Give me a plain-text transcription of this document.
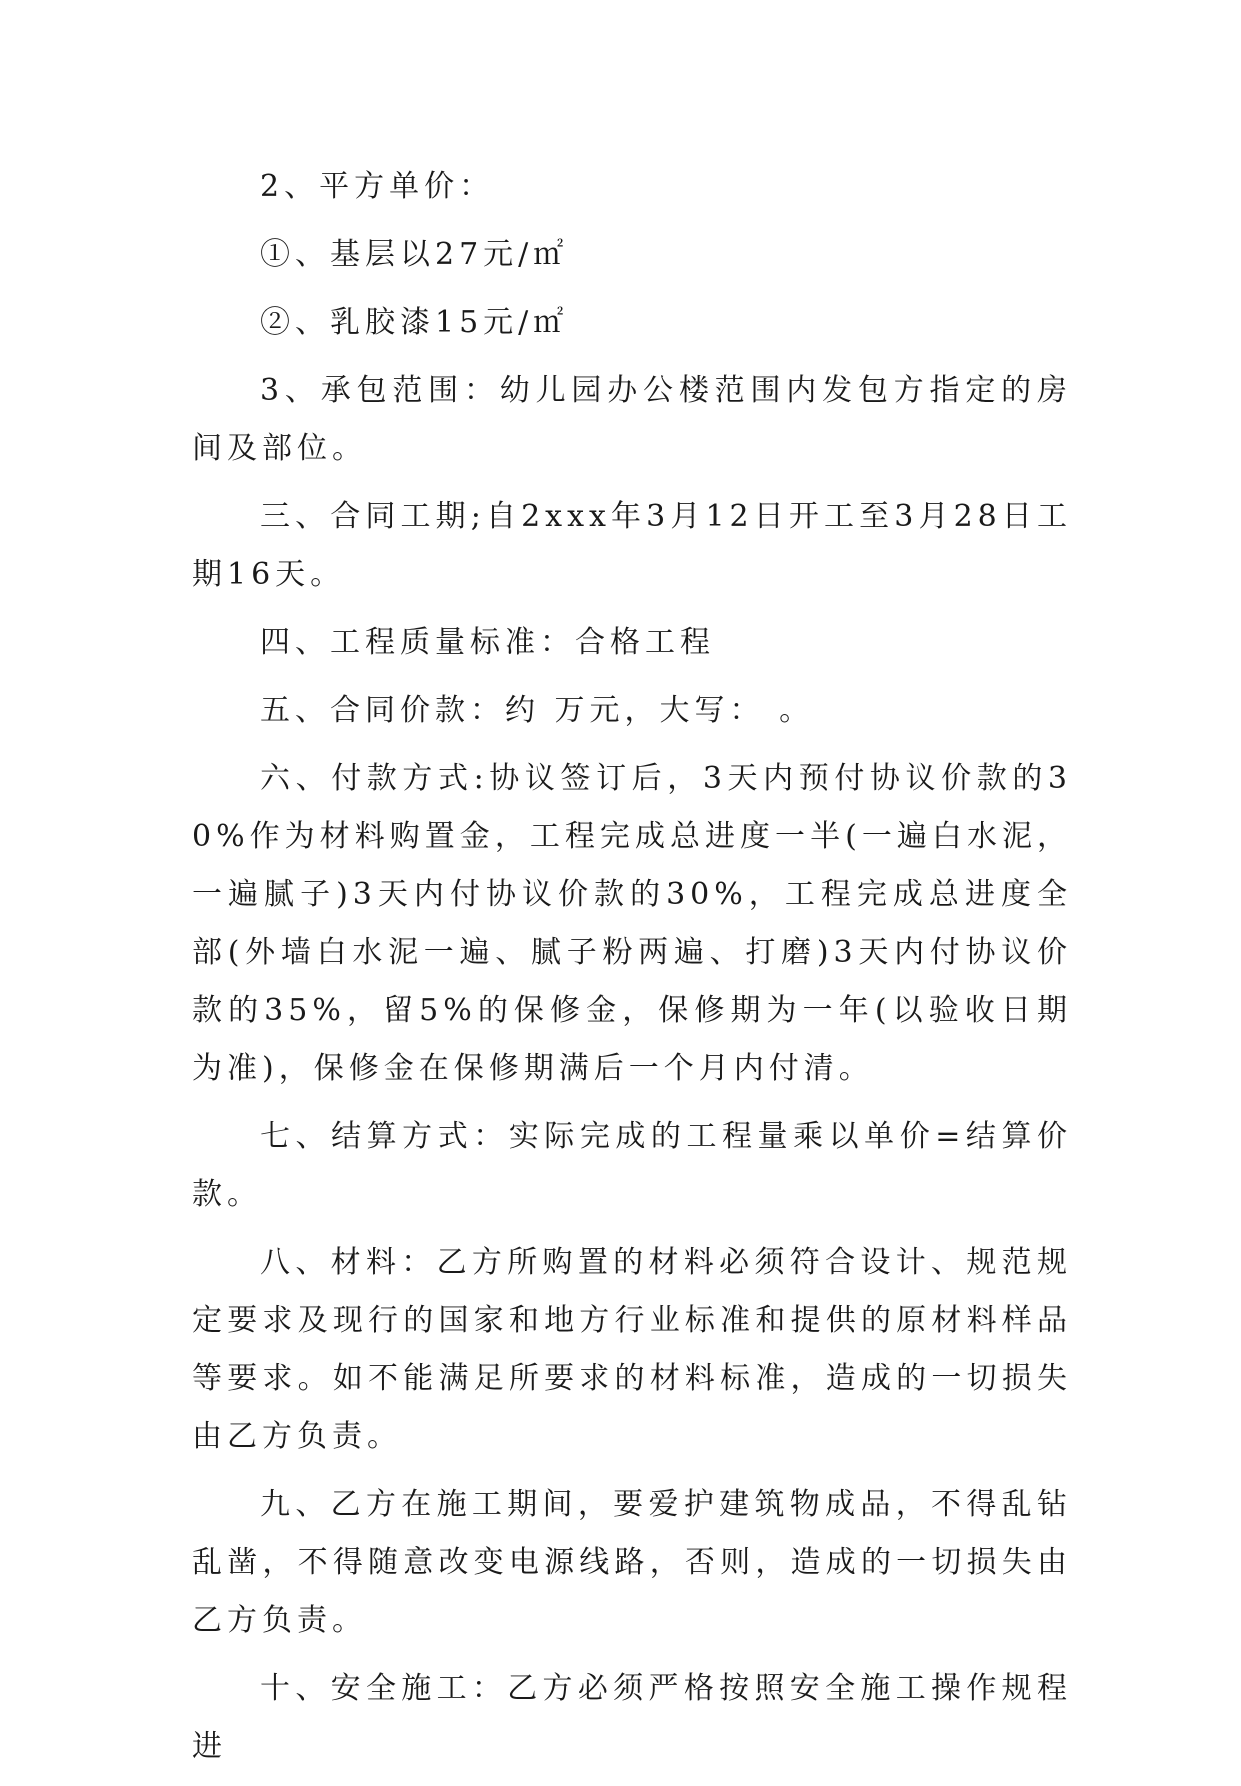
2、平方单价：

①、基层以27元/㎡

②、乳胶漆15元/㎡

3、承包范围：幼儿园办公楼范围内发包方指定的房间及部位。

三、合同工期;自2xxx年3月12日开工至3月28日工期16天。

四、工程质量标准：合格工程

五、合同价款：约 万元，大写： 。

六、付款方式:协议签订后，3天内预付协议价款的30%作为材料购置金，工程完成总进度一半(一遍白水泥，一遍腻子)3天内付协议价款的30%，工程完成总进度全部(外墙白水泥一遍、腻子粉两遍、打磨)3天内付协议价款的35%，留5%的保修金，保修期为一年(以验收日期为准)，保修金在保修期满后一个月内付清。

七、结算方式：实际完成的工程量乘以单价=结算价款。

八、材料：乙方所购置的材料必须符合设计、规范规定要求及现行的国家和地方行业标准和提供的原材料样品等要求。如不能满足所要求的材料标准，造成的一切损失由乙方负责。

九、乙方在施工期间，要爱护建筑物成品，不得乱钻乱凿，不得随意改变电源线路，否则，造成的一切损失由乙方负责。

十、安全施工：乙方必须严格按照安全施工操作规程进
